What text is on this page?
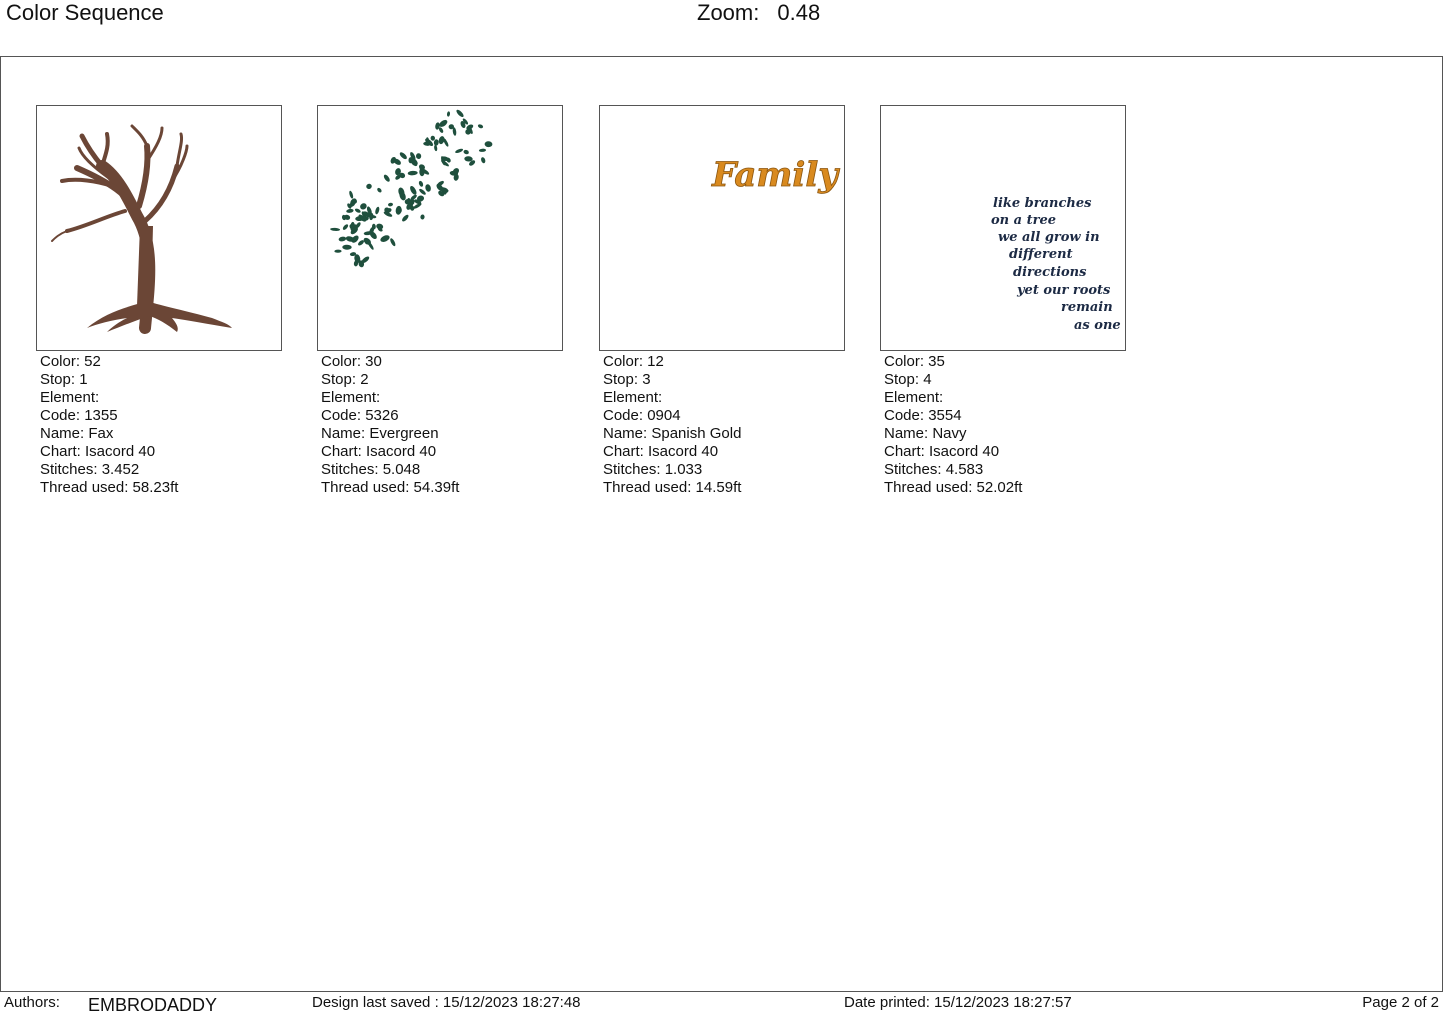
Color Sequence	Zoom: 0.48
Color: 52
Stop: 1
Element:
Code: 1355
Name: Fax
Chart: Isacord 40
Stitches: 3.452
Thread used: 58.23ft
Color: 30
Stop: 2
Element:
Code: 5326
Name: Evergreen
Chart: Isacord 40
Stitches: 5.048
Thread used: 54.39ft
Family
Color: 12
Stop: 3
Element:
Code: 0904
Name: Spanish Gold
Chart: Isacord 40
Stitches: 1.033
Thread used: 14.59ft
like branches
on a tree
we all grow in
different
directions
yet our roots
remain
as one
Color: 35
Stop: 4
Element:
Code: 3554
Name: Navy
Chart: Isacord 40
Stitches: 4.583
Thread used: 52.02ft
Authors: EMBRODADDY	Design last saved : 15/12/2023 18:27:48	Date printed: 15/12/2023 18:27:57	Page 2 of 2
